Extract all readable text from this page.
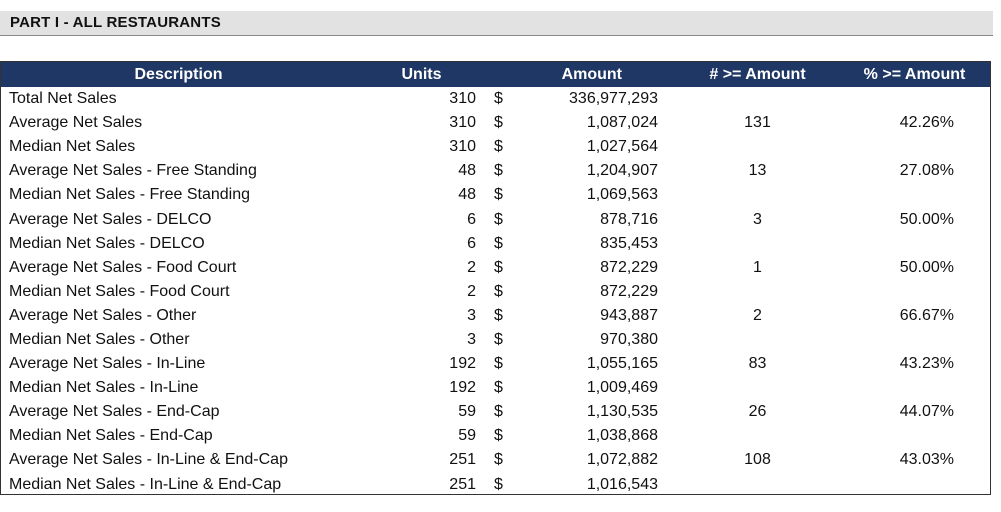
PART I - ALL RESTAURANTS
Description	Units	Amount		# >= Amount	% >= Amount
Total Net Sales	310	$	336,977,293		
Average Net Sales	310	$	1,087,024	131	42.26%
Median Net Sales	310	$	1,027,564		
Average Net Sales - Free Standing	48	$	1,204,907	13	27.08%
Median Net Sales - Free Standing	48	$	1,069,563		
Average Net Sales - DELCO	6	$	878,716	3	50.00%
Median Net Sales - DELCO	6	$	835,453		
Average Net Sales - Food Court	2	$	872,229	1	50.00%
Median Net Sales - Food Court	2	$	872,229		
Average Net Sales - Other	3	$	943,887	2	66.67%
Median Net Sales - Other	3	$	970,380		
Average Net Sales - In-Line	192	$	1,055,165	83	43.23%
Median Net Sales - In-Line	192	$	1,009,469		
Average Net Sales - End-Cap	59	$	1,130,535	26	44.07%
Median Net Sales - End-Cap	59	$	1,038,868		
Average Net Sales - In-Line & End-Cap	251	$	1,072,882	108	43.03%
Median Net Sales - In-Line & End-Cap	251	$	1,016,543		
